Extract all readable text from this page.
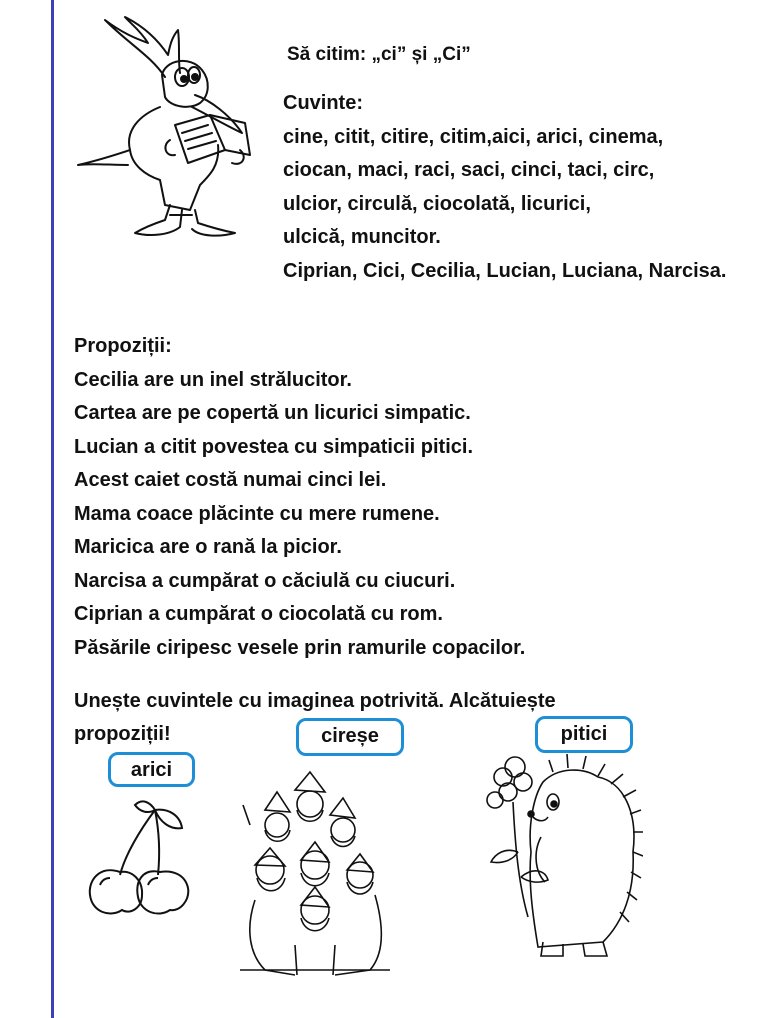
Să citim: „ci” și „Ci”
Cuvinte:
cine, citit, citire, citim,aici, arici, cinema,
ciocan, maci, raci, saci, cinci, taci, circ,
ulcior, circulă, ciocolată, licurici,
ulcică, muncitor.
Ciprian, Cici, Cecilia, Lucian, Luciana, Narcisa.
Propoziții:
Cecilia are un inel strălucitor.
Cartea are pe copertă un licurici simpatic.
Lucian a citit povestea cu simpaticii pitici.
Acest caiet costă numai cinci lei.
Mama coace plăcinte cu mere rumene.
Maricica are o rană la picior.
Narcisa a cumpărat o căciulă cu ciucuri.
Ciprian a cumpărat o ciocolată cu rom.
Păsările ciripesc vesele prin ramurile copacilor.
Unește cuvintele cu imaginea potrivită. Alcătuiește
propoziții!
arici
cireșe	pitici
